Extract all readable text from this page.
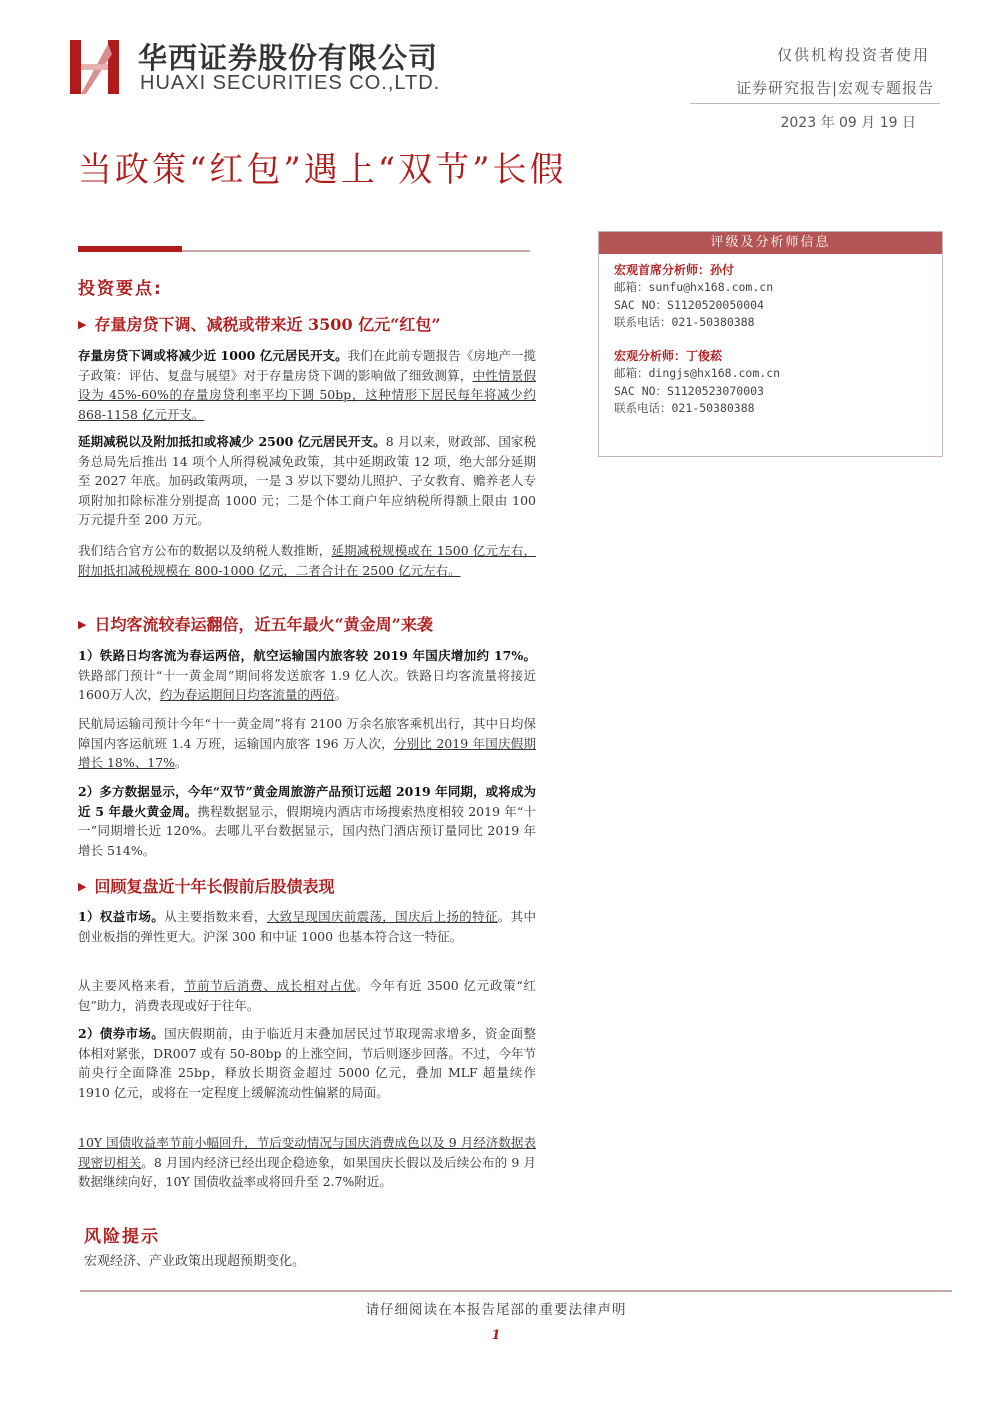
华西证券股份有限公司
HUAXI SECURITIES CO.,LTD.
仅供机构投资者使用
证券研究报告|宏观专题报告
2023 年 09 月 19 日
当政策“红包”遇上“双节”长假
投资要点:
▶ 存量房贷下调、减税或带来近 3500 亿元“红包”
存量房贷下调或将减少近 1000 亿元居民开支。我们在此前专题报告《房地产一揽子政策：评估、复盘与展望》对于存量房贷下调的影响做了细致测算，中性情景假设为 45%-60%的存量房贷利率平均下调 50bp，这种情形下居民每年将减少约 868-1158 亿元开支。
延期减税以及附加抵扣或将减少 2500 亿元居民开支。8 月以来，财政部、国家税务总局先后推出 14 项个人所得税减免政策，其中延期政策 12 项，绝大部分延期至 2027 年底。加码政策两项，一是 3 岁以下婴幼儿照护、子女教育、赡养老人专项附加扣除标准分别提高 1000 元；二是个体工商户年应纳税所得额上限由 100 万元提升至 200 万元。
我们结合官方公布的数据以及纳税人数推断，延期减税规模或在 1500 亿元左右，附加抵扣减税规模在 800-1000 亿元，二者合计在 2500 亿元左右。
▶ 日均客流较春运翻倍，近五年最火“黄金周”来袭
1）铁路日均客流为春运两倍，航空运输国内旅客较 2019 年国庆增加约 17%。铁路部门预计“十一黄金周”期间将发送旅客 1.9 亿人次。铁路日均客流量将接近1600万人次，约为春运期间日均客流量的两倍。
民航局运输司预计今年“十一黄金周”将有 2100 万余名旅客乘机出行，其中日均保障国内客运航班 1.4 万班，运输国内旅客 196 万人次，分别比 2019 年国庆假期增长 18%、17%。
2）多方数据显示，今年“双节”黄金周旅游产品预订远超 2019 年同期，或将成为近 5 年最火黄金周。携程数据显示，假期境内酒店市场搜索热度相较 2019 年“十一”同期增长近 120%。去哪儿平台数据显示，国内热门酒店预订量同比 2019 年增长 514%。
▶ 回顾复盘近十年长假前后股债表现
1）权益市场。从主要指数来看，大致呈现国庆前震荡，国庆后上扬的特征。其中创业板指的弹性更大。沪深 300 和中证 1000 也基本符合这一特征。
从主要风格来看，节前节后消费、成长相对占优。今年有近 3500 亿元政策“红包”助力，消费表现或好于往年。
2）债券市场。国庆假期前，由于临近月末叠加居民过节取现需求增多，资金面整体相对紧张，DR007 或有 50-80bp 的上涨空间，节后则逐步回落。不过，今年节前央行全面降准 25bp，释放长期资金超过 5000 亿元，叠加 MLF 超量续作 1910 亿元，或将在一定程度上缓解流动性偏紧的局面。
10Y 国债收益率节前小幅回升，节后变动情况与国庆消费成色以及 9 月经济数据表现密切相关。8 月国内经济已经出现企稳迹象，如果国庆长假以及后续公布的 9 月数据继续向好，10Y 国债收益率或将回升至 2.7%附近。
风险提示
宏观经济、产业政策出现超预期变化。
评级及分析师信息
宏观首席分析师：孙付
邮箱：sunfu@hx168.com.cn
SAC NO：S1120520050004
联系电话：021-50380388
宏观分析师：丁俊菘
邮箱：dingjs@hx168.com.cn
SAC NO：S1120523070003
联系电话：021-50380388
请仔细阅读在本报告尾部的重要法律声明
1
